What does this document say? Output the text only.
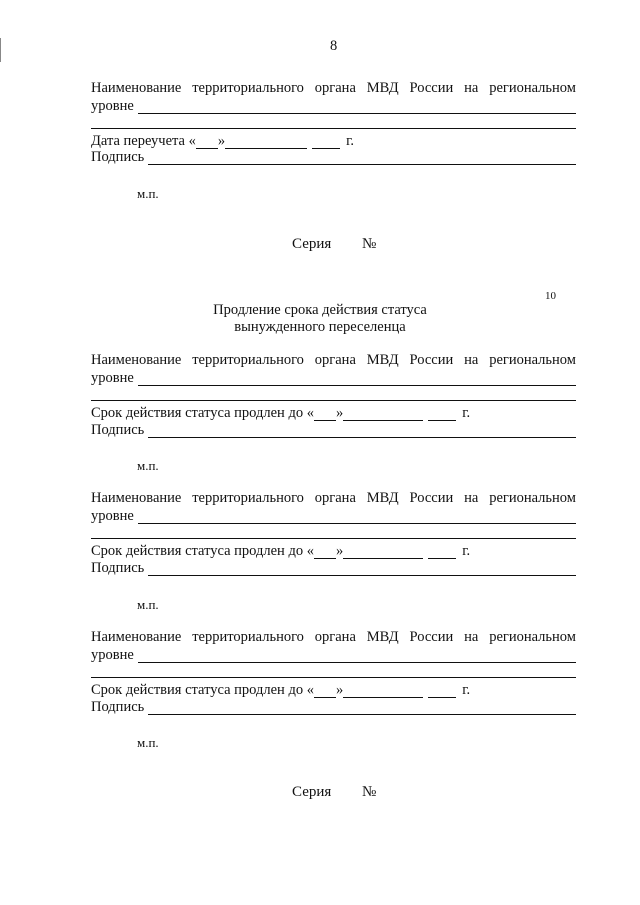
8
Наименование территориального органа МВД России на региональном
уровне
Дата переучета « »	г.
Подпись
м.п.
Серия №
10
Продление срока действия статуса
вынужденного переселенца
Наименование территориального органа МВД России на региональном
уровне
Срок действия статуса продлен до « »	г.
Подпись
м.п.
Наименование территориального органа МВД России на региональном
уровне
Срок действия статуса продлен до « »	г.
Подпись
м.п.
Наименование территориального органа МВД России на региональном
уровне
Срок действия статуса продлен до « »	г.
Подпись
м.п.
Серия №
